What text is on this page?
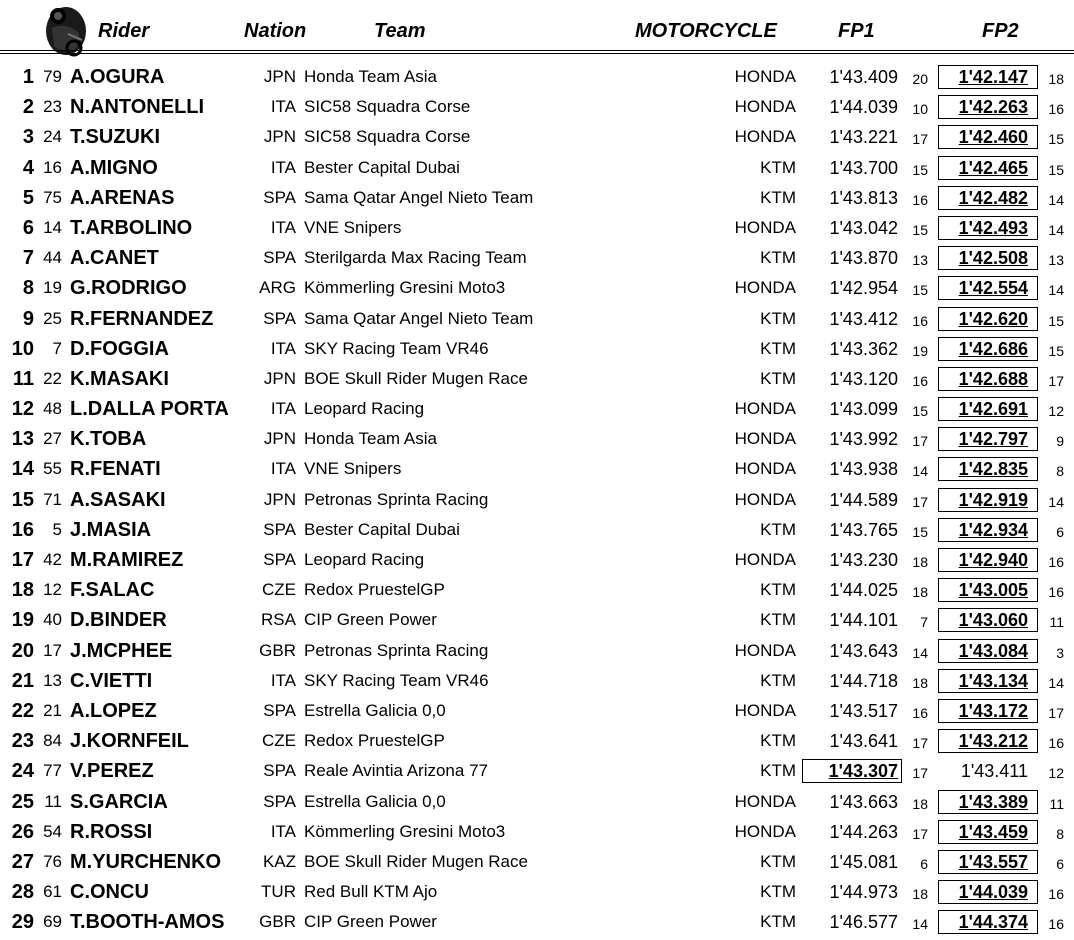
Rider	Nation	Team	MOTORCYCLE	FP1	FP2
1 79 A.OGURA	JPN Honda Team Asia	HONDA 1'43.409 20 1'42.147 18
2 23 N.ANTONELLI	ITA SIC58 Squadra Corse	HONDA 1'44.039 10 1'42.263 16
3 24 T.SUZUKI	JPN SIC58 Squadra Corse	HONDA 1'43.221 17 1'42.460 15
4 16 A.MIGNO	ITA Bester Capital Dubai	KTM 1'43.700 15 1'42.465 15
5 75 A.ARENAS	SPA Sama Qatar Angel Nieto Team	KTM 1'43.813 16 1'42.482 14
6 14 T.ARBOLINO	ITA VNE Snipers	HONDA 1'43.042 15 1'42.493 14
7 44 A.CANET	SPA Sterilgarda Max Racing Team	KTM 1'43.870 13 1'42.508 13
8 19 G.RODRIGO	ARG Kömmerling Gresini Moto3	HONDA 1'42.954 15 1'42.554 14
9 25 R.FERNANDEZ	SPA Sama Qatar Angel Nieto Team	KTM 1'43.412 16 1'42.620 15
10 7 D.FOGGIA	ITA SKY Racing Team VR46	KTM 1'43.362 19 1'42.686 15
11 22 K.MASAKI	JPN BOE Skull Rider Mugen Race	KTM 1'43.120 16 1'42.688 17
12 48 L.DALLA PORTA ITA Leopard Racing	HONDA 1'43.099 15 1'42.691 12
13 27 K.TOBA	JPN Honda Team Asia	HONDA 1'43.992 17 1'42.797 9
14 55 R.FENATI	ITA VNE Snipers	HONDA 1'43.938 14 1'42.835 8
15 71 A.SASAKI	JPN Petronas Sprinta Racing	HONDA 1'44.589 17 1'42.919 14
16 5 J.MASIA	SPA Bester Capital Dubai	KTM 1'43.765 15 1'42.934 6
17 42 M.RAMIREZ	SPA Leopard Racing	HONDA 1'43.230 18 1'42.940 16
18 12 F.SALAC	CZE Redox PruestelGP	KTM 1'44.025 18 1'43.005 16
19 40 D.BINDER	RSA CIP Green Power	KTM 1'44.101 7 1'43.060 11
20 17 J.MCPHEE	GBR Petronas Sprinta Racing	HONDA 1'43.643 14 1'43.084 3
21 13 C.VIETTI	ITA SKY Racing Team VR46	KTM 1'44.718 18 1'43.134 14
22 21 A.LOPEZ	SPA Estrella Galicia 0,0	HONDA 1'43.517 16 1'43.172 17
23 84 J.KORNFEIL	CZE Redox PruestelGP	KTM 1'43.641 17 1'43.212 16
24 77 V.PEREZ	SPA Reale Avintia Arizona 77	KTM 1'43.307 17 1'43.411 12
25 11 S.GARCIA	SPA Estrella Galicia 0,0	HONDA 1'43.663 18 1'43.389 11
26 54 R.ROSSI	ITA Kömmerling Gresini Moto3	HONDA 1'44.263 17 1'43.459 8
27 76 M.YURCHENKO KAZ BOE Skull Rider Mugen Race	KTM 1'45.081 6 1'43.557 6
28 61 C.ONCU	TUR Red Bull KTM Ajo	KTM 1'44.973 18 1'44.039 16
29 69 T.BOOTH-AMOS GBR CIP Green Power	KTM 1'46.577 14 1'44.374 16
